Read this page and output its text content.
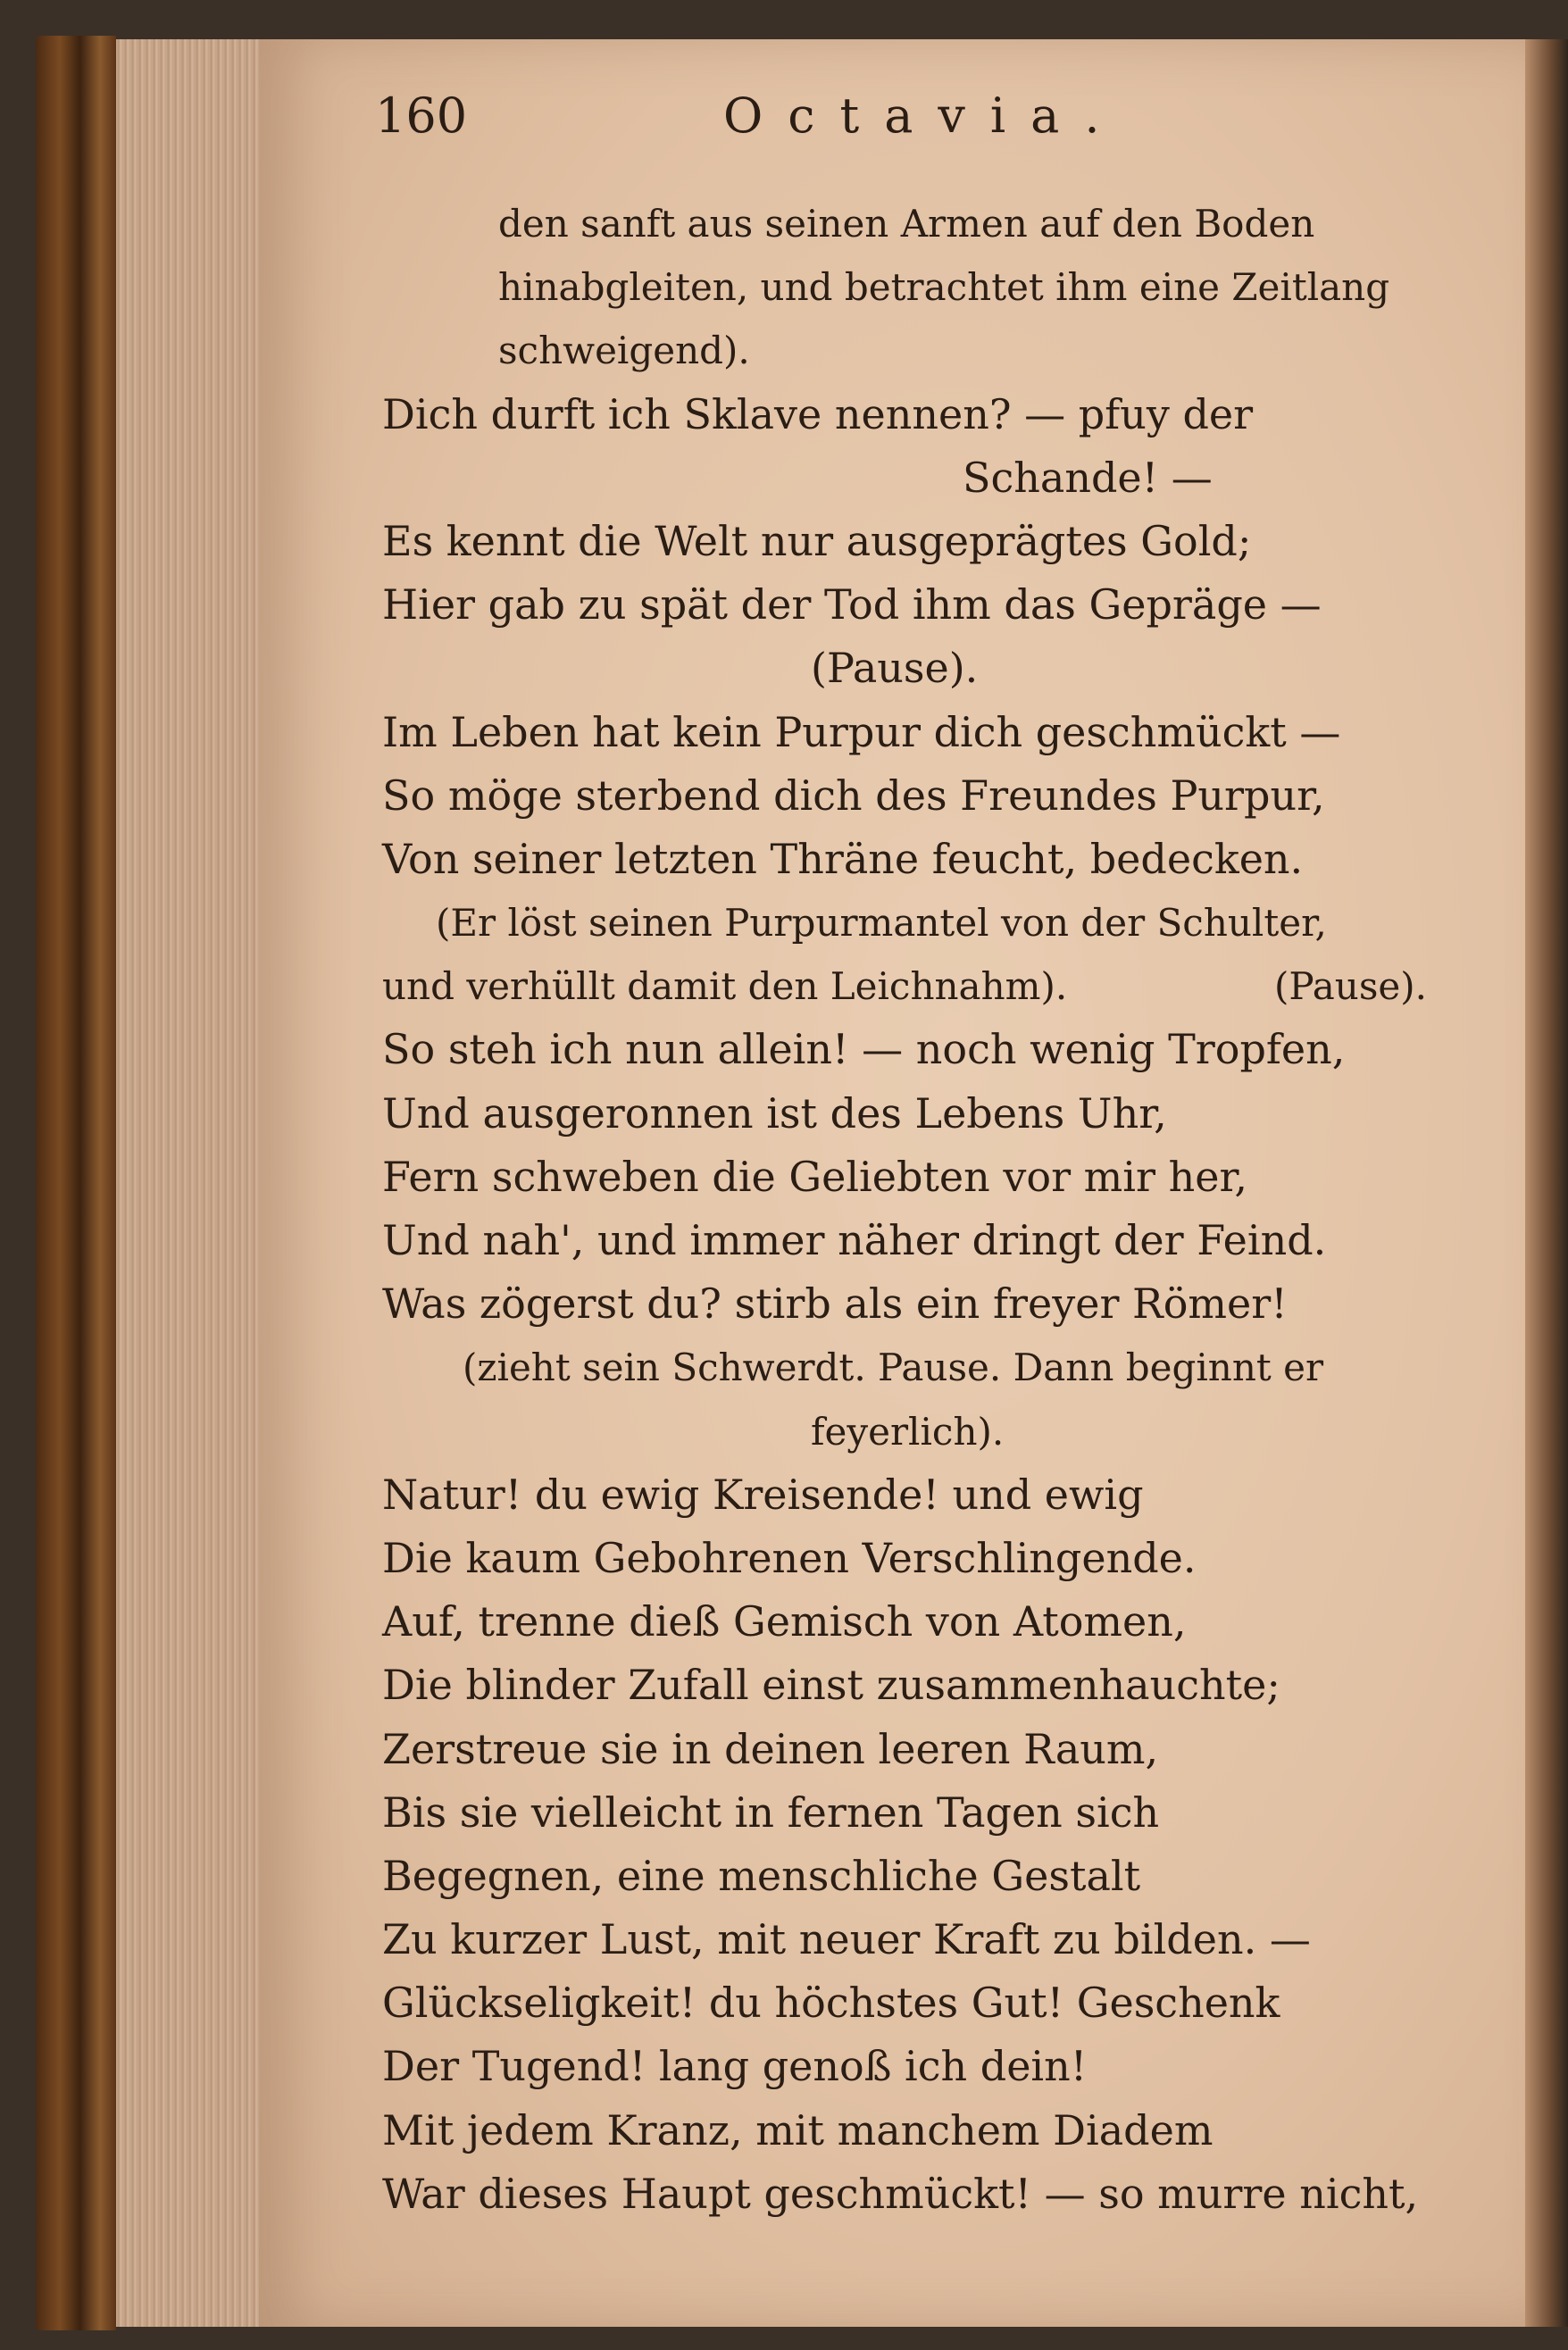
160	Octavia.
den sanft aus seinen Armen auf den Boden
hinabgleiten, und betrachtet ihm eine Zeitlang
schweigend).
Dich durft ich Sklave nennen? — pfuy der
Schande! —
Es kennt die Welt nur ausgeprägtes Gold;
Hier gab zu spät der Tod ihm das Gepräge —
(Pause).
Im Leben hat kein Purpur dich geschmückt —
So möge sterbend dich des Freundes Purpur,
Von seiner letzten Thräne feucht, bedecken.
(Er löst seinen Purpurmantel von der Schulter,
und verhüllt damit den Leichnahm).	(Pause).
So steh ich nun allein! — noch wenig Tropfen,
Und ausgeronnen ist des Lebens Uhr,
Fern schweben die Geliebten vor mir her,
Und nah', und immer näher dringt der Feind.
Was zögerst du? stirb als ein freyer Römer!
(zieht sein Schwerdt. Pause. Dann beginnt er
feyerlich).
Natur! du ewig Kreisende! und ewig
Die kaum Gebohrenen Verschlingende.
Auf, trenne dieß Gemisch von Atomen,
Die blinder Zufall einst zusammenhauchte;
Zerstreue sie in deinen leeren Raum,
Bis sie vielleicht in fernen Tagen sich
Begegnen, eine menschliche Gestalt
Zu kurzer Lust, mit neuer Kraft zu bilden. —
Glückseligkeit! du höchstes Gut! Geschenk
Der Tugend! lang genoß ich dein!
Mit jedem Kranz, mit manchem Diadem
War dieses Haupt geschmückt! — so murre nicht,
